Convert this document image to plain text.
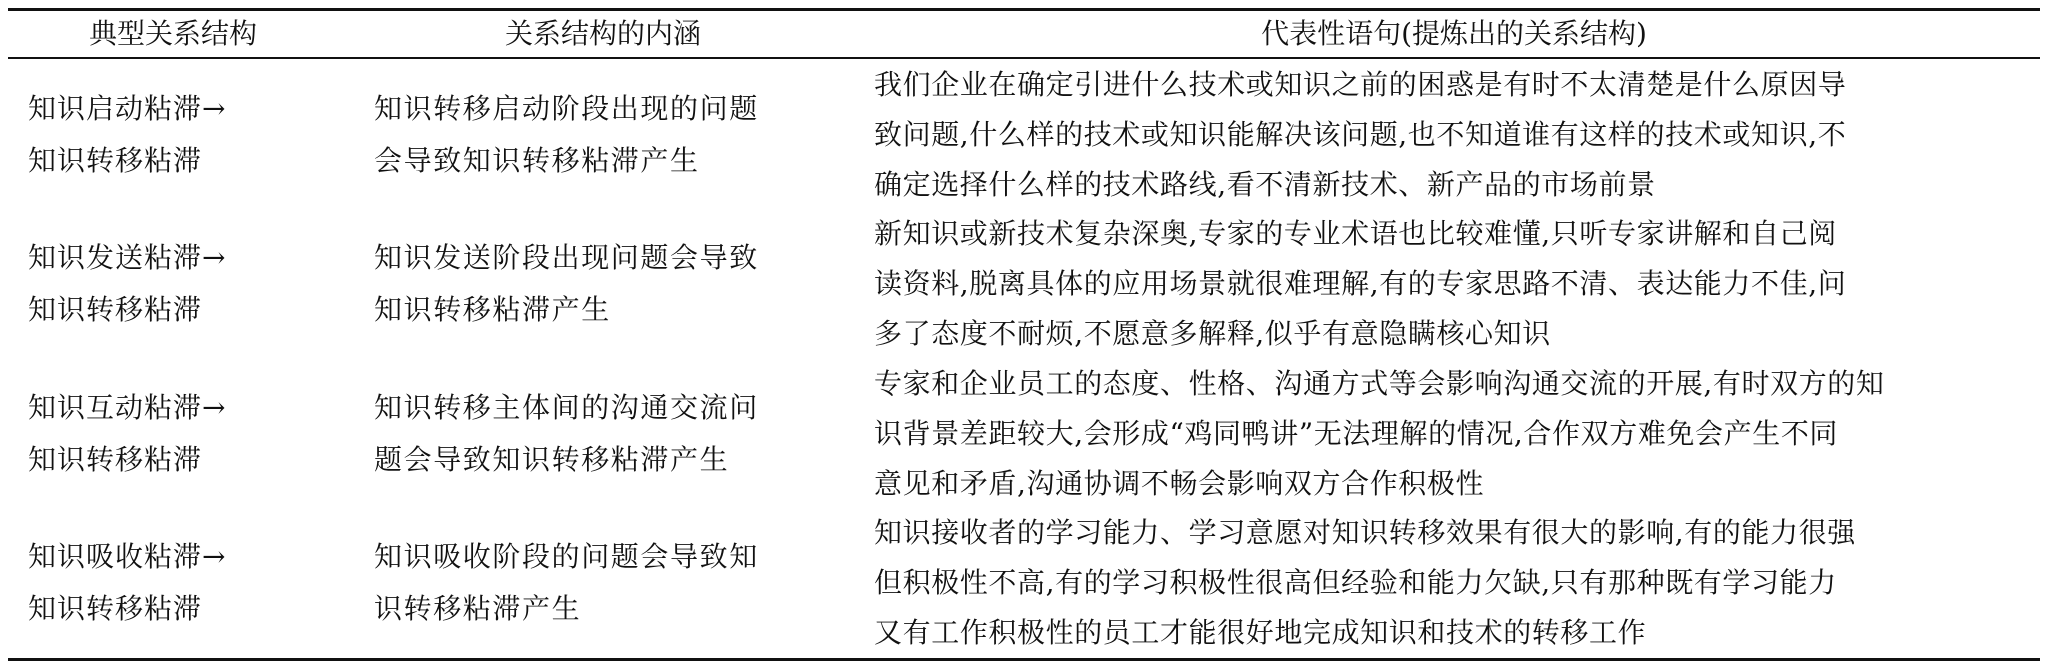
典型关系结构	关系结构的内涵	代表性语句(提炼出的关系结构)
知识启动粘滞→
知识转移粘滞
知识转移启动阶段出现的问题
会导致知识转移粘滞产生
我们企业在确定引进什么技术或知识之前的困惑是有时不太清楚是什么原因导
致问题,什么样的技术或知识能解决该问题,也不知道谁有这样的技术或知识,不
确定选择什么样的技术路线,看不清新技术、新产品的市场前景
知识发送粘滞→
知识转移粘滞
知识发送阶段出现问题会导致
知识转移粘滞产生
新知识或新技术复杂深奥,专家的专业术语也比较难懂,只听专家讲解和自己阅
读资料,脱离具体的应用场景就很难理解,有的专家思路不清、表达能力不佳,问
多了态度不耐烦,不愿意多解释,似乎有意隐瞒核心知识
知识互动粘滞→
知识转移粘滞
知识转移主体间的沟通交流问
题会导致知识转移粘滞产生
专家和企业员工的态度、性格、沟通方式等会影响沟通交流的开展,有时双方的知
识背景差距较大,会形成“鸡同鸭讲”无法理解的情况,合作双方难免会产生不同
意见和矛盾,沟通协调不畅会影响双方合作积极性
知识吸收粘滞→
知识转移粘滞
知识吸收阶段的问题会导致知
识转移粘滞产生
知识接收者的学习能力、学习意愿对知识转移效果有很大的影响,有的能力很强
但积极性不高,有的学习积极性很高但经验和能力欠缺,只有那种既有学习能力
又有工作积极性的员工才能很好地完成知识和技术的转移工作
